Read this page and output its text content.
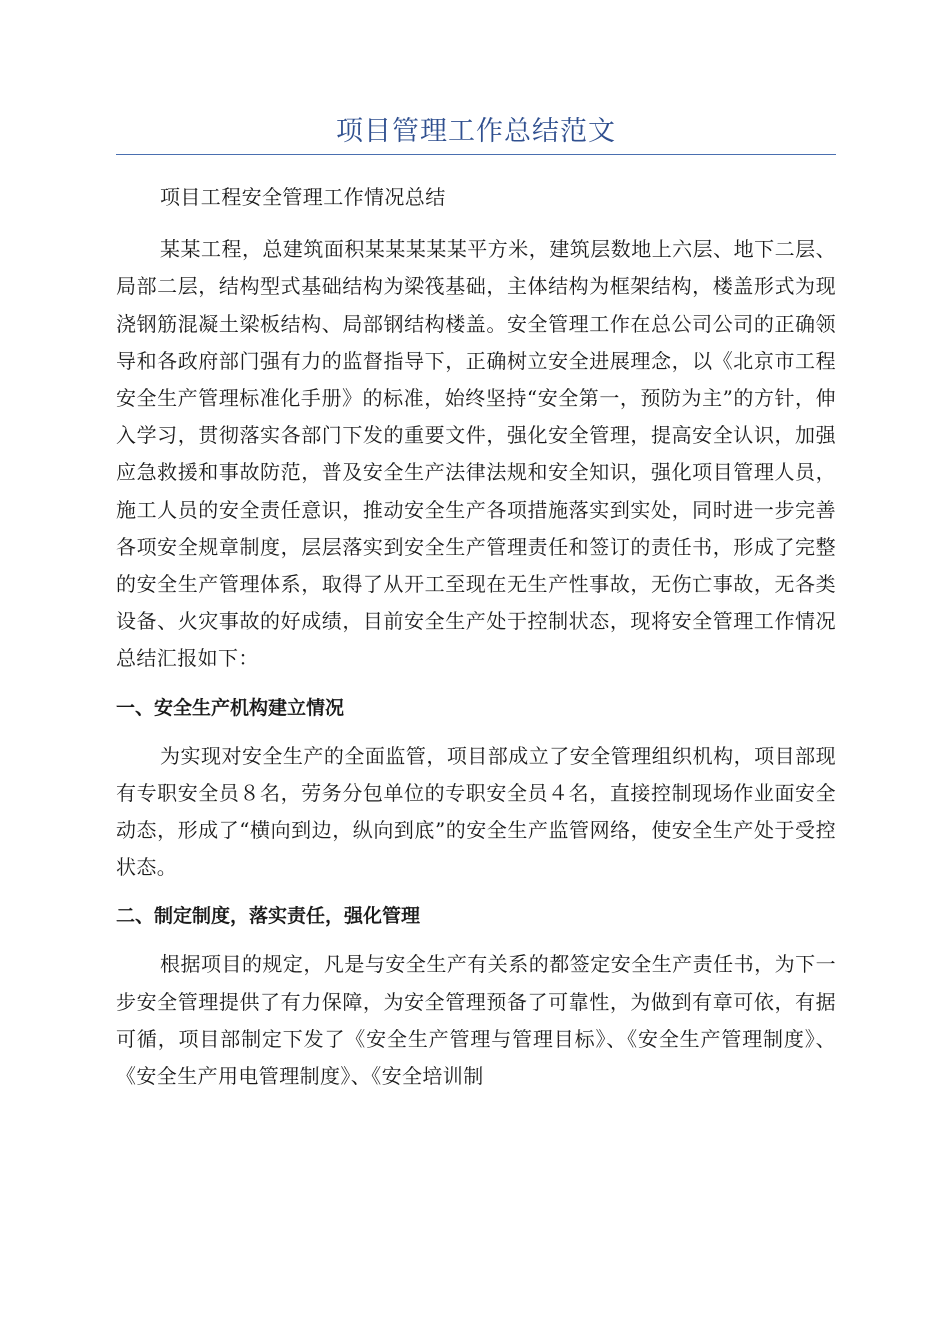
项目管理工作总结范文

项目工程安全管理工作情况总结

某某工程，总建筑面积某某某某某平方米，建筑层数地上六层、地下二层、局部二层，结构型式基础结构为梁筏基础，主体结构为框架结构，楼盖形式为现浇钢筋混凝土梁板结构、局部钢结构楼盖。安全管理工作在总公司公司的正确领导和各政府部门强有力的监督指导下，正确树立安全进展理念，以《北京市工程安全生产管理标准化手册》的标准，始终坚持“安全第一，预防为主”的方针，伸入学习，贯彻落实各部门下发的重要文件，强化安全管理，提高安全认识，加强应急救援和事故防范，普及安全生产法律法规和安全知识，强化项目管理人员，施工人员的安全责任意识，推动安全生产各项措施落实到实处，同时进一步完善各项安全规章制度，层层落实到安全生产管理责任和签订的责任书，形成了完整的安全生产管理体系，取得了从开工至现在无生产性事故，无伤亡事故，无各类设备、火灾事故的好成绩，目前安全生产处于控制状态，现将安全管理工作情况总结汇报如下：

一、安全生产机构建立情况

为实现对安全生产的全面监管，项目部成立了安全管理组织机构，项目部现有专职安全员８名，劳务分包单位的专职安全员４名，直接控制现场作业面安全动态，形成了“横向到边，纵向到底”的安全生产监管网络，使安全生产处于受控状态。

二、制定制度，落实责任，强化管理

根据项目的规定，凡是与安全生产有关系的都签定安全生产责任书，为下一步安全管理提供了有力保障，为安全管理预备了可靠性，为做到有章可依，有据可循，项目部制定下发了《安全生产管理与管理目标》、《安全生产管理制度》、《安全生产用电管理制度》、《安全培训制
